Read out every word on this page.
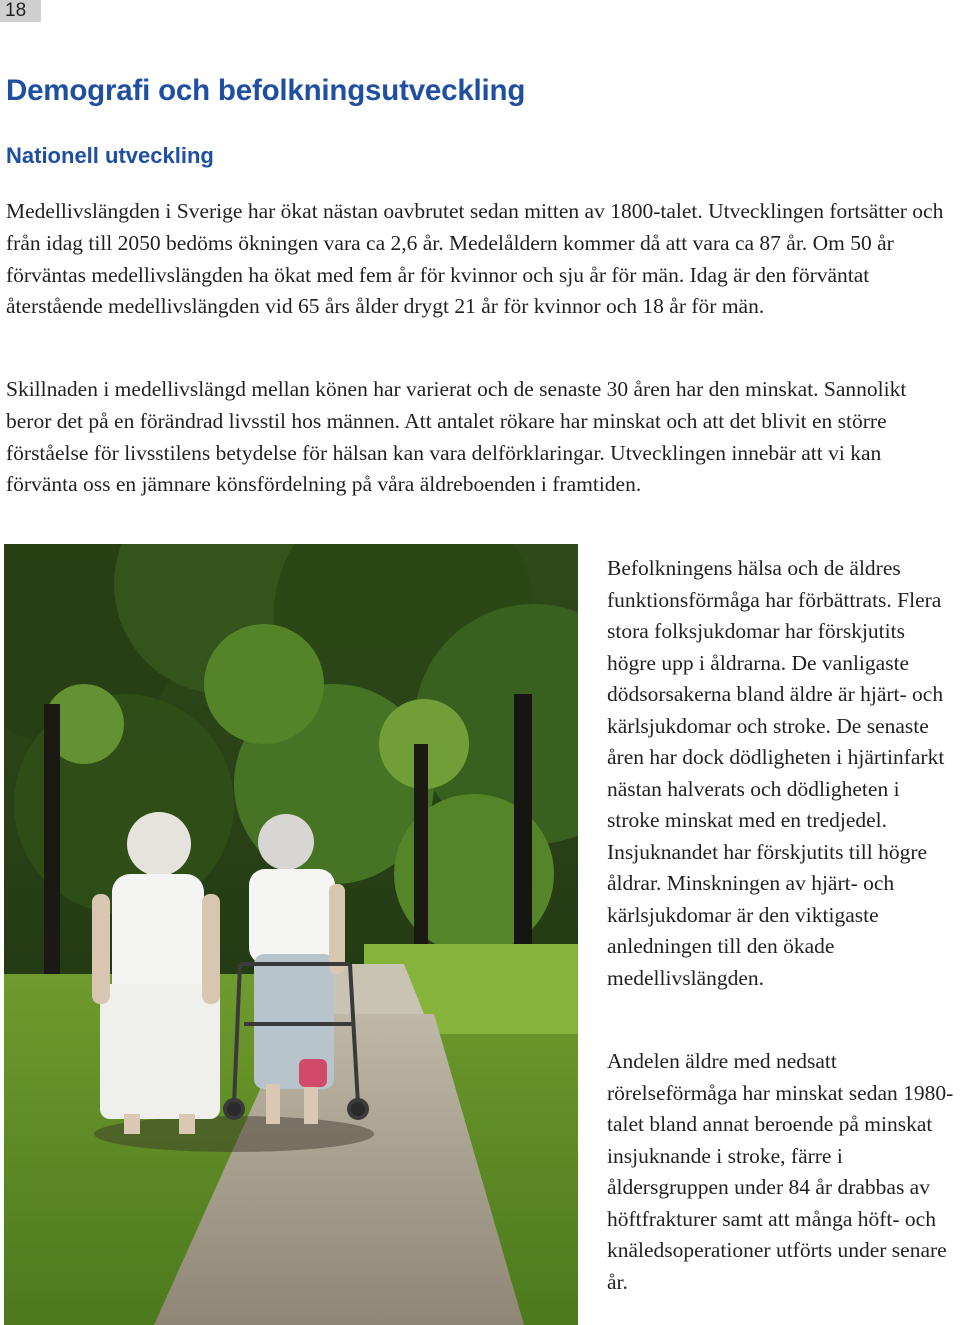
18
Demografi och befolkningsutveckling
Nationell utveckling

Medellivslängden i Sverige har ökat nästan oavbrutet sedan mitten av 1800-talet. Utvecklingen fortsätter och från idag till 2050 bedöms ökningen vara ca 2,6 år. Medelåldern kommer då att vara ca 87 år. Om 50 år förväntas medellivslängden ha ökat med fem år för kvinnor och sju år för män. Idag är den förväntat återstående medellivslängden vid 65 års ålder drygt 21 år för kvinnor och 18 år för män.

Skillnaden i medellivslängd mellan könen har varierat och de senaste 30 åren har den minskat. Sannolikt beror det på en förändrad livsstil hos männen. Att antalet rökare har minskat och att det blivit en större förståelse för livsstilens betydelse för hälsan kan vara delförklaringar. Utvecklingen innebär att vi kan förvänta oss en jämnare könsfördelning på våra äldreboenden i framtiden.

Befolkningens hälsa och de äldres funktionsförmåga har förbättrats. Flera stora folksjukdomar har förskjutits högre upp i åldrarna. De vanligaste dödsorsakerna bland äldre är hjärt- och kärlsjukdomar och stroke. De senaste åren har dock dödligheten i hjärtinfarkt nästan halverats och dödligheten i stroke minskat med en tredjedel. Insjuknandet har förskjutits till högre åldrar. Minskningen av hjärt- och kärlsjukdomar är den viktigaste anledningen till den ökade medellivslängden.

Andelen äldre med nedsatt rörelseförmåga har minskat sedan 1980-talet bland annat beroende på minskat insjuknande i stroke, färre i åldersgruppen under 84 år drabbas av höftfrakturer samt att många höft- och knäledsoperationer utförts under senare år.
